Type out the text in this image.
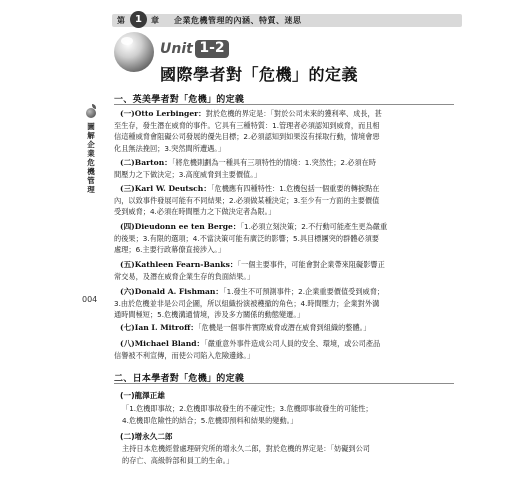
第	1	章 企業危機管理的內涵、特質、迷思
Unit 1-2
國際學者對「危機」的定義
圖解企業危機管理
004
一、英美學者對「危機」的定義
(一)Otto Lerbinger：對於危機的界定是：「對於公司未來的獲利率、成長，甚
至生存，發生潛在威脅的事件。它具有三種特質：1.管理者必須認知到威脅，而且相
信這種威脅會阻礙公司發展的優先目標；2.必須認知到如果沒有採取行動，情境會惡
化且無法挽回；3.突然間所遭遇。」
(二)Barton：「將危機則劃為一種具有三項特性的情境：1.突然性；2.必須在時
間壓力之下做決定；3.高度威脅到主要價值。」
(三)Karl W. Deutsch：「危機應有四種特性：1.危機包括一個重要的轉捩點在
內，以致事件發展可能有不同結果；2.必須做某種決定；3.至少有一方面的主要價值
受到威脅；4.必須在時間壓力之下做決定者為限。」
(四)Dieudonn ee ten Berge：「1.必須立刻決策；2.不行動可能產生更為嚴重
的後果；3.有限的選項；4.不當決策可能有廣泛的影響；5.具目標團突的群體必須要
處理；6.主要行政幕僚直接涉入。」
(五)Kathleen Fearn-Banks：「一個主要事件，可能會對企業帶來阻礙影響正
常交易，及潛在威脅企業生存的負面結果。」
(六)Donald A. Fishman：「1.發生不可預測事件；2.企業重要價值受到威脅；
3.由於危機並非是公司企圖，所以組織扮演被穫撤的角色；4.時間壓力；企業對外溝
通時間極短；5.危機溝通情境，涉及多方關係的動態變遷。」
(七)Ian I. Mitroff：「危機是一個事件實際威脅或潛在威脅到組織的整體。」
(八)Michael Bland：「嚴重意外事件造成公司人員的安全、環境，或公司產品
信譽被不利宣傳，而使公司陷入危險邊緣。」
二、日本學者對「危機」的定義
(一)龍澤正雄
「1.危機即事故；2.危機即事故發生的不確定性；3.危機即事故發生的可能性；
4.危機即危險性的結合；5.危機即預料和結果的變動。」
(二)增永久二郎
主持日本危機經營處理研究所的增永久二郎，對於危機的界定是：「妨礙到公司
的存亡、高級幹部和員工的生命。」
